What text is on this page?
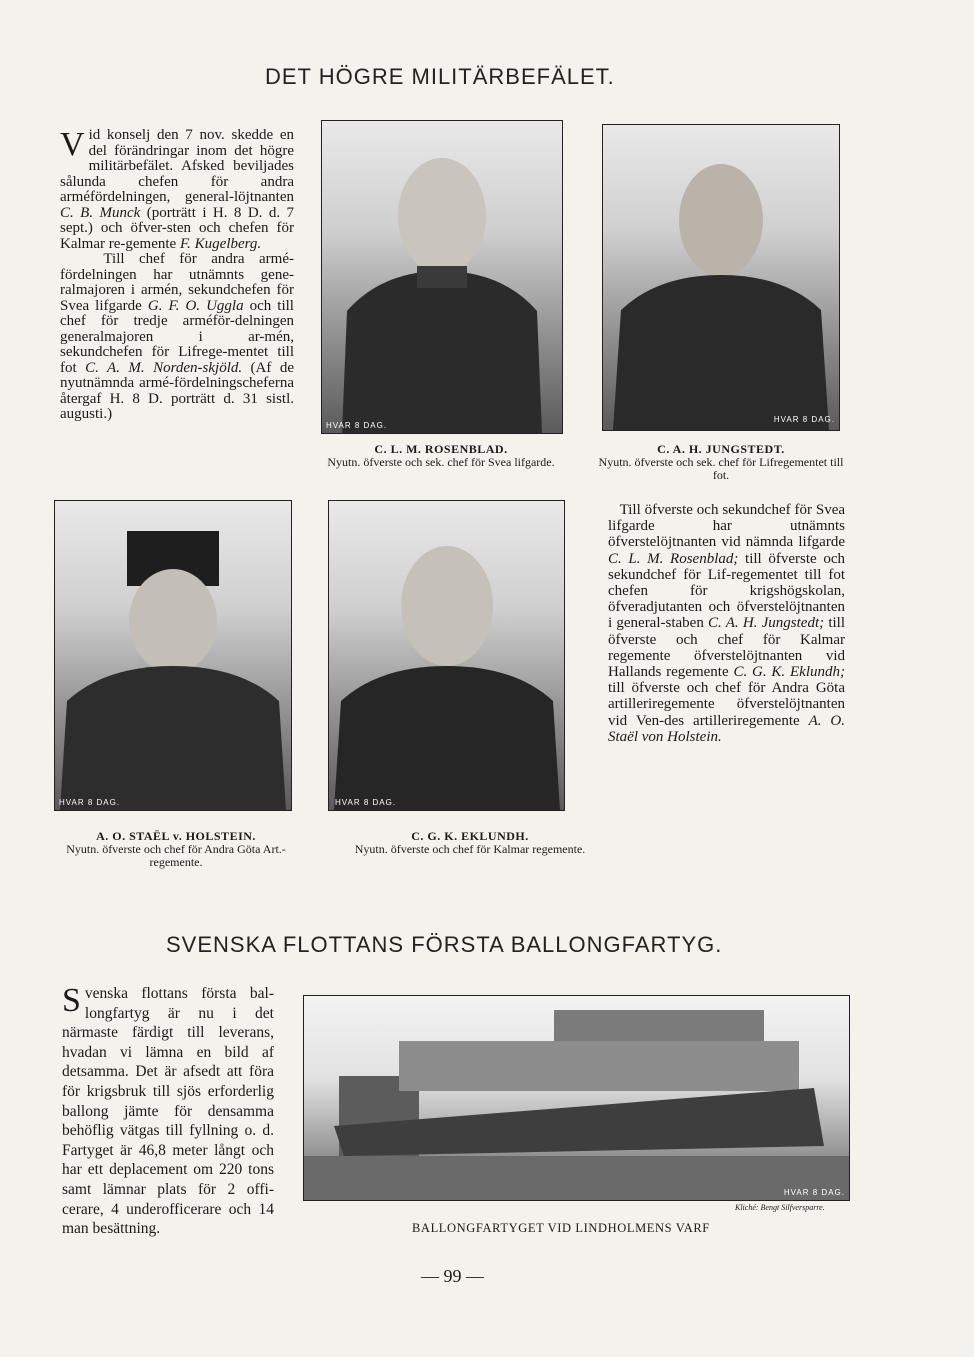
DET HÖGRE MILITÄRBEFÄLET.
Vid konselj den 7 nov. skedde en del förändringar inom det högre militärbefälet. Afsked beviljades sålunda chefen för andra arméfördelningen, general-löjtnanten C. B. Munck (porträtt i H. 8 D. d. 7 sept.) och öfver-sten och chefen för Kalmar re-gemente F. Kugelberg.
Till chef för andra armé-fördelningen har utnämnts gene-ralmajoren i armén, sekundchefen för Svea lifgarde G. F. O. Uggla och till chef för tredje arméför-delningen generalmajoren i ar-mén, sekundchefen för Lifrege-mentet till fot C. A. M. Norden-skjöld. (Af de nyutnämnda armé-fördelningscheferna återgaf H. 8 D. porträtt d. 31 sistl. augusti.)
HVAR 8 DAG.
C. L. M. ROSENBLAD.
Nyutn. öfverste och sek. chef för Svea lifgarde.
HVAR 8 DAG.
C. A. H. JUNGSTEDT.
Nyutn. öfverste och sek. chef för Lifregementet till fot.
HVAR 8 DAG.
A. O. STAËL v. HOLSTEIN.
Nyutn. öfverste och chef för Andra Göta Art.-regemente.
HVAR 8 DAG.
C. G. K. EKLUNDH.
Nyutn. öfverste och chef för Kalmar regemente.
Till öfverste och sekundchef för Svea lifgarde har utnämnts öfverstelöjtnanten vid nämnda lifgarde C. L. M. Rosenblad; till öfverste och sekundchef för Lif-regementet till fot chefen för krigshögskolan, öfveradjutanten och öfverstelöjtnanten i general-staben C. A. H. Jungstedt; till öfverste och chef för Kalmar regemente öfverstelöjtnanten vid Hallands regemente C. G. K. Eklundh; till öfverste och chef för Andra Göta artilleriregemente öfverstelöjtnanten vid Ven-des artilleriregemente A. O. Staël von Holstein.
SVENSKA FLOTTANS FÖRSTA BALLONGFARTYG.
Svenska flottans första bal-longfartyg är nu i det närmaste färdigt till leverans, hvadan vi lämna en bild af detsamma. Det är afsedt att föra för krigsbruk till sjös erforderlig ballong jämte för densamma behöflig vätgas till fyllning o. d. Fartyget är 46,8 meter långt och har ett deplacement om 220 tons samt lämnar plats för 2 offi-cerare, 4 underofficerare och 14 man besättning.
HVAR 8 DAG.
Kliché: Bengt Silfversparre.
BALLONGFARTYGET VID LINDHOLMENS VARF
— 99 —
